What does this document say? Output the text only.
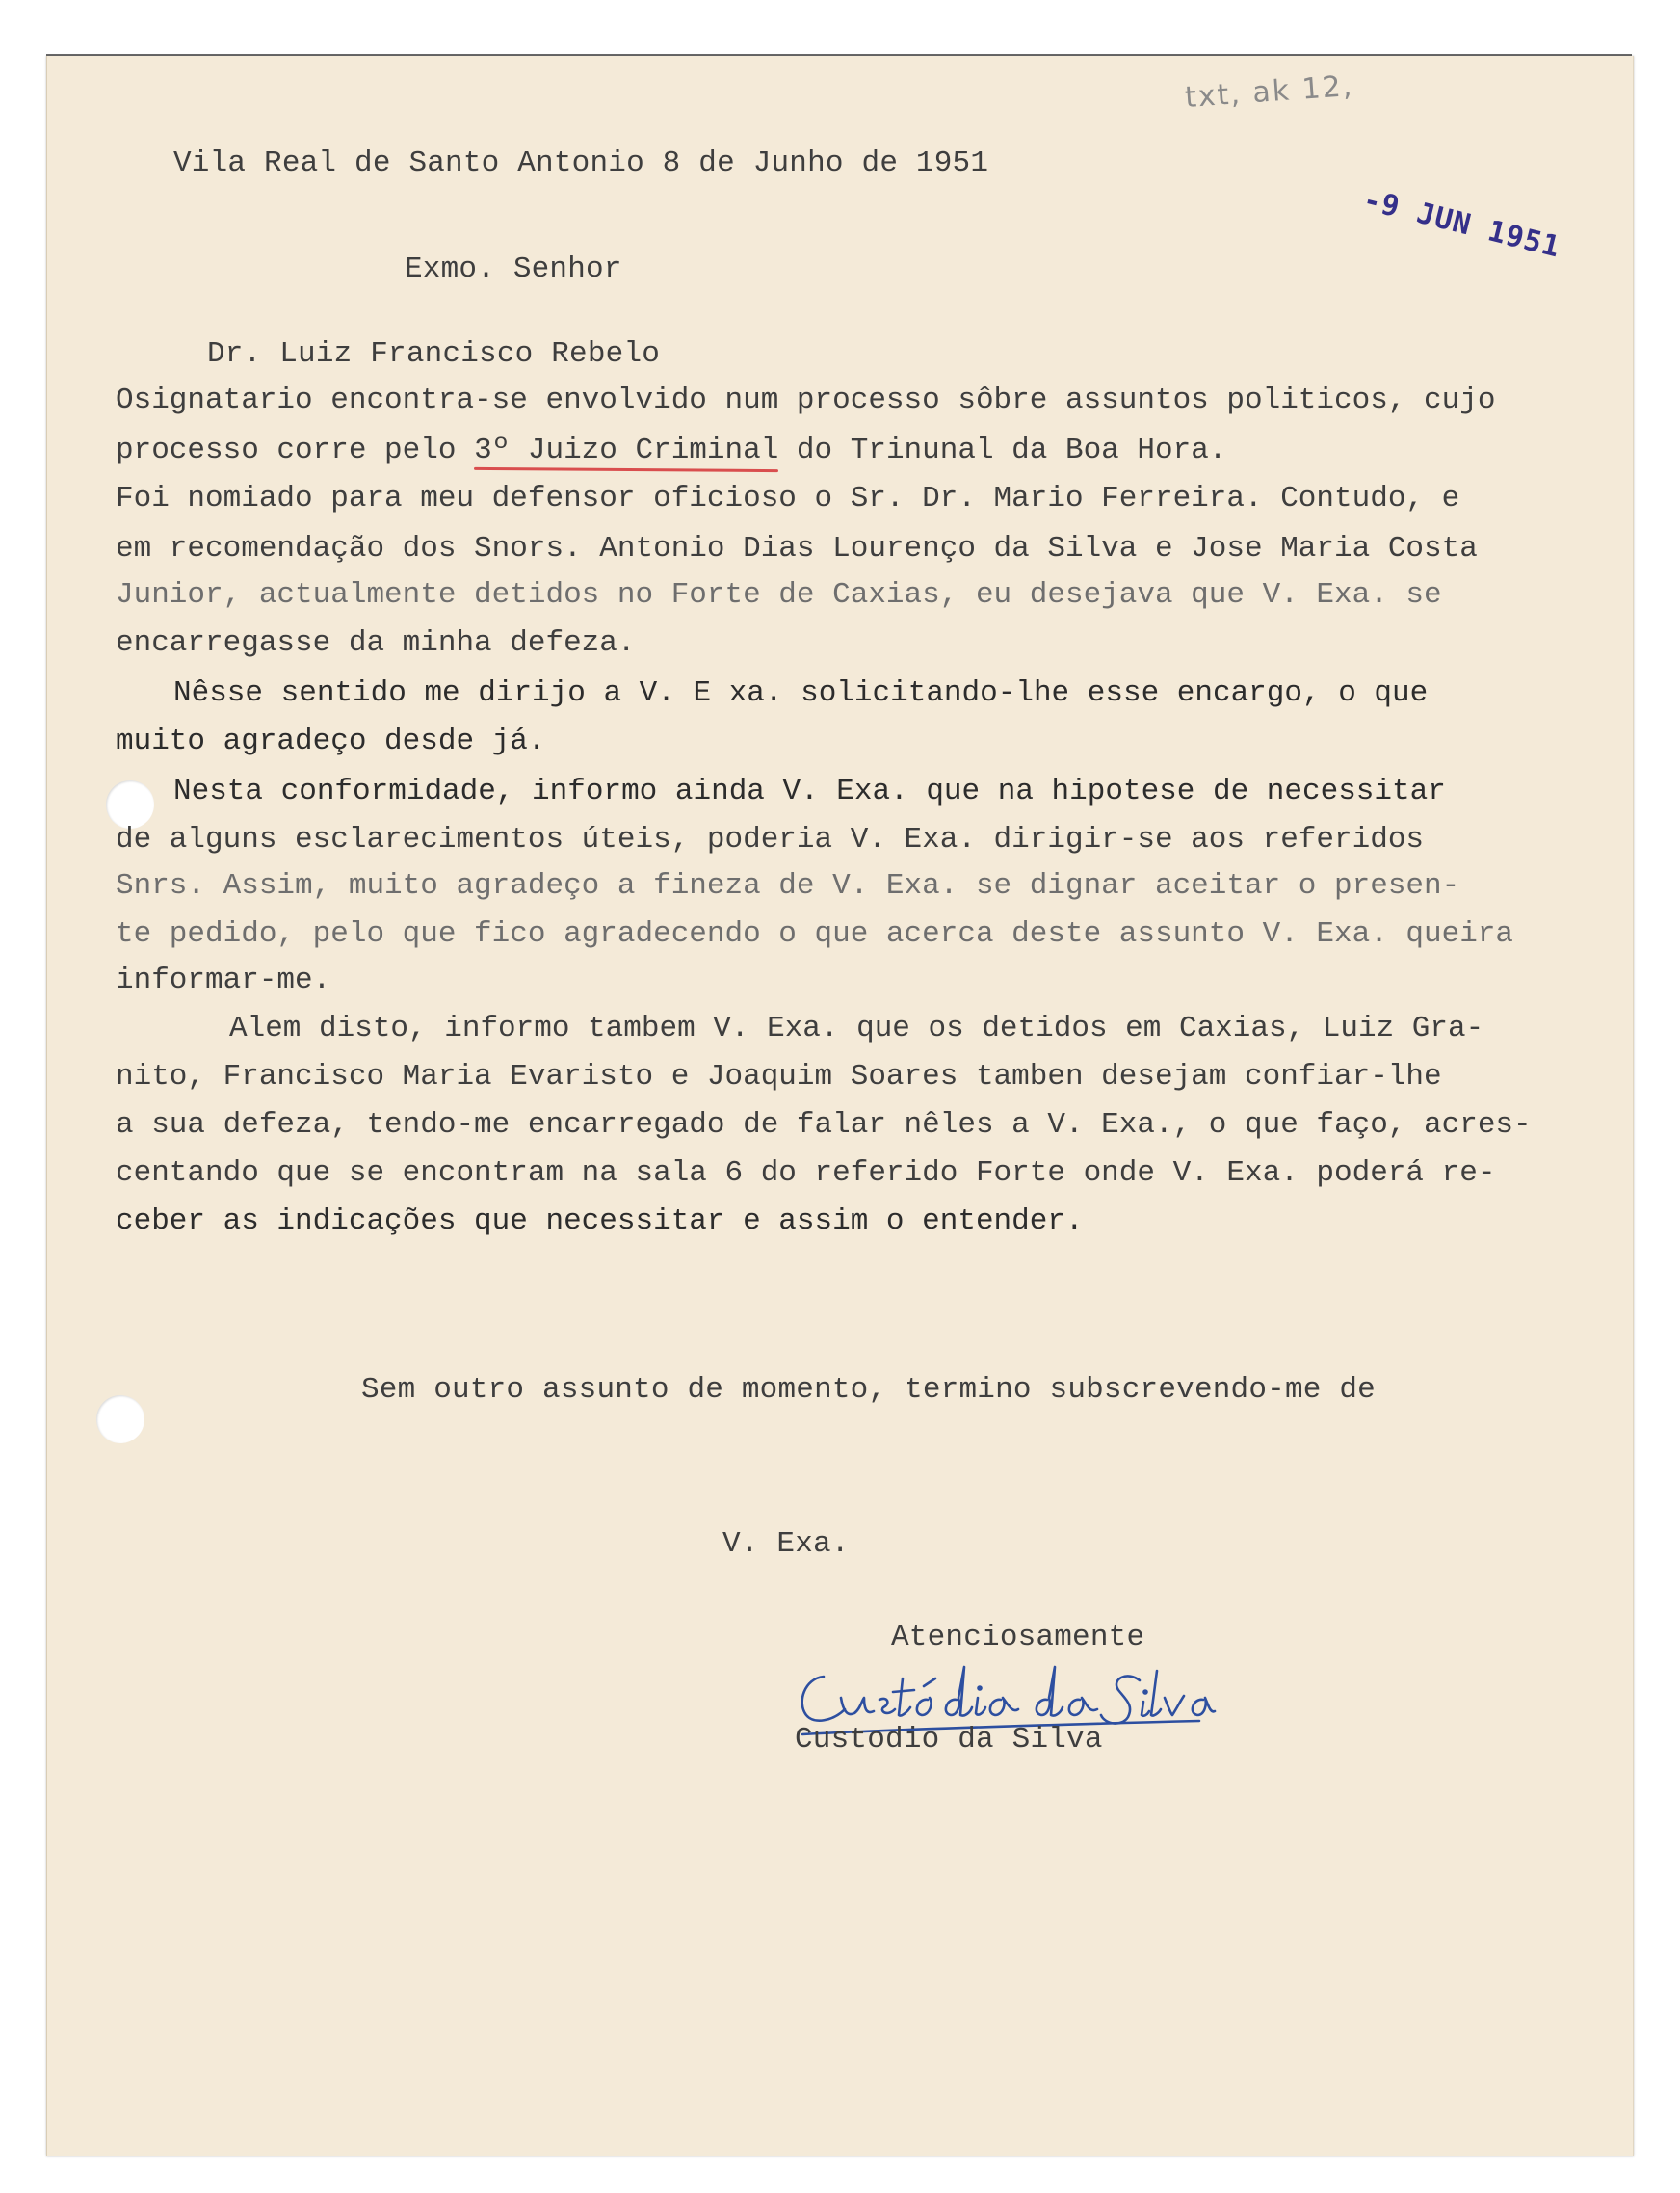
txt, ak 12,
-9 JUN 1951
Vila Real de Santo Antonio 8 de Junho de 1951
Exmo. Senhor
Dr. Luiz Francisco Rebelo
Osignatario encontra-se envolvido num processo sôbre assuntos politicos, cujo
processo corre pelo 3º Juizo Criminal do Trinunal da Boa Hora.
Foi nomiado para meu defensor oficioso o Sr. Dr. Mario Ferreira. Contudo, e
em recomendação dos Snors. Antonio Dias Lourenço da Silva e Jose Maria Costa
Junior, actualmente detidos no Forte de Caxias, eu desejava que V. Exa. se
encarregasse da minha defeza.
Nêsse sentido me dirijo a V. E xa. solicitando-lhe esse encargo, o que
muito agradeço desde já.
Nesta conformidade, informo ainda V. Exa. que na hipotese de necessitar
de alguns esclarecimentos úteis, poderia V. Exa. dirigir-se aos referidos
Snrs. Assim, muito agradeço a fineza de V. Exa. se dignar aceitar o presen-
te pedido, pelo que fico agradecendo o que acerca deste assunto V. Exa. queira
informar-me.
Alem disto, informo tambem V. Exa. que os detidos em Caxias, Luiz Gra-
nito, Francisco Maria Evaristo e Joaquim Soares tamben desejam confiar-lhe
a sua defeza, tendo-me encarregado de falar nêles a V. Exa., o que faço, acres-
centando que se encontram na sala 6 do referido Forte onde V. Exa. poderá re-
ceber as indicações que necessitar e assim o entender.
Sem outro assunto de momento, termino subscrevendo-me de
V. Exa.
Atenciosamente
Custodio da Silva
